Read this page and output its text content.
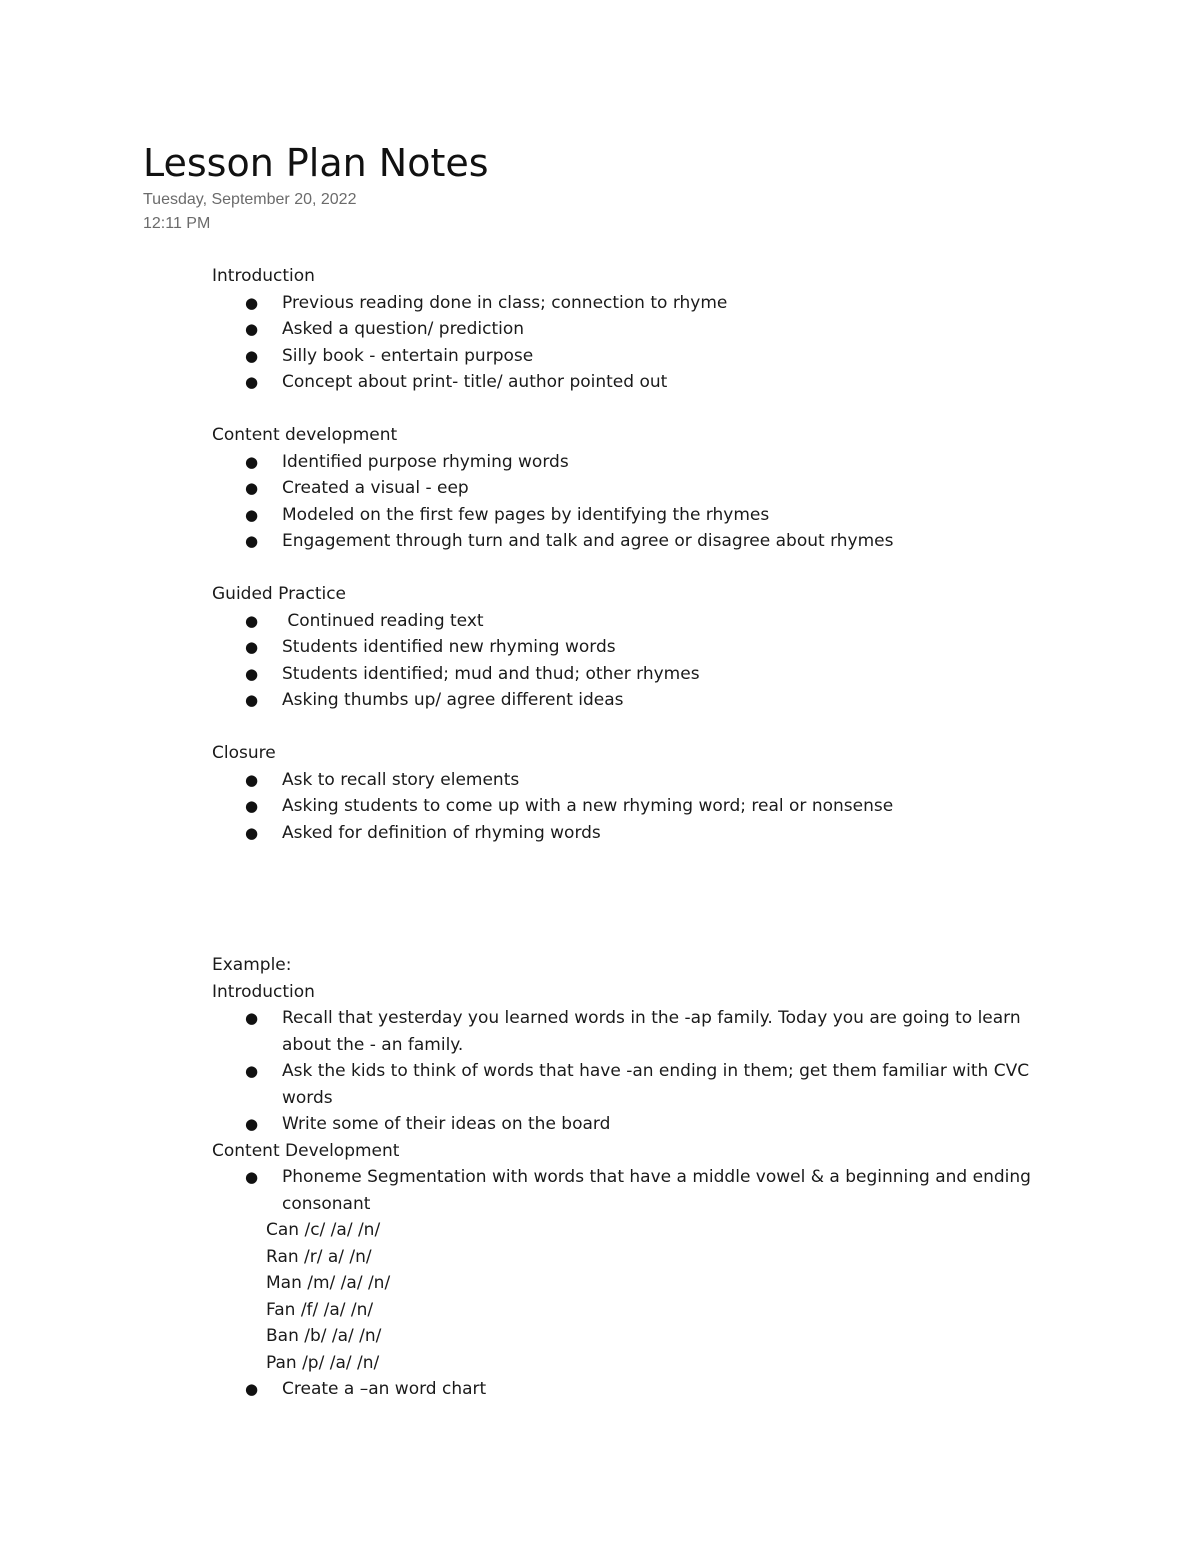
Lesson Plan Notes
Tuesday, September 20, 2022
12:11 PM
Introduction
● Previous reading done in class; connection to rhyme
● Asked a question/ prediction
● Silly book - entertain purpose
● Concept about print- title/ author pointed out
Content development
● Identified purpose rhyming words
● Created a visual - eep
● Modeled on the first few pages by identifying the rhymes
● Engagement through turn and talk and agree or disagree about rhymes
Guided Practice
● Continued reading text
● Students identified new rhyming words
● Students identified; mud and thud; other rhymes
● Asking thumbs up/ agree different ideas
Closure
● Ask to recall story elements
● Asking students to come up with a new rhyming word; real or nonsense
● Asked for definition of rhyming words
Example:
Introduction
● Recall that yesterday you learned words in the -ap family. Today you are going to learn about the - an family.
● Ask the kids to think of words that have -an ending in them; get them familiar with CVC words
● Write some of their ideas on the board
Content Development
● Phoneme Segmentation with words that have a middle vowel & a beginning and ending consonant
Can /c/ /a/ /n/
Ran /r/ a/ /n/
Man /m/ /a/ /n/
Fan /f/ /a/ /n/
Ban /b/ /a/ /n/
Pan /p/ /a/ /n/
● Create a –an word chart
